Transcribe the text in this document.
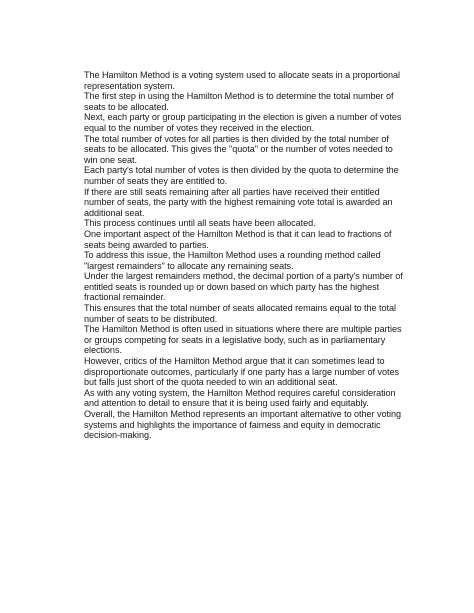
The Hamilton Method is a voting system used to allocate seats in a proportional representation system.

The first step in using the Hamilton Method is to determine the total number of seats to be allocated.

Next, each party or group participating in the election is given a number of votes equal to the number of votes they received in the election.

The total number of votes for all parties is then divided by the total number of seats to be allocated. This gives the "quota" or the number of votes needed to win one seat.

Each party's total number of votes is then divided by the quota to determine the number of seats they are entitled to.

If there are still seats remaining after all parties have received their entitled number of seats, the party with the highest remaining vote total is awarded an additional seat.

This process continues until all seats have been allocated.

One important aspect of the Hamilton Method is that it can lead to fractions of seats being awarded to parties.

To address this issue, the Hamilton Method uses a rounding method called "largest remainders" to allocate any remaining seats.

Under the largest remainders method, the decimal portion of a party's number of entitled seats is rounded up or down based on which party has the highest fractional remainder.

This ensures that the total number of seats allocated remains equal to the total number of seats to be distributed.

The Hamilton Method is often used in situations where there are multiple parties or groups competing for seats in a legislative body, such as in parliamentary elections.

However, critics of the Hamilton Method argue that it can sometimes lead to disproportionate outcomes, particularly if one party has a large number of votes but falls just short of the quota needed to win an additional seat.

As with any voting system, the Hamilton Method requires careful consideration and attention to detail to ensure that it is being used fairly and equitably.

Overall, the Hamilton Method represents an important alternative to other voting systems and highlights the importance of fairness and equity in democratic decision-making.
